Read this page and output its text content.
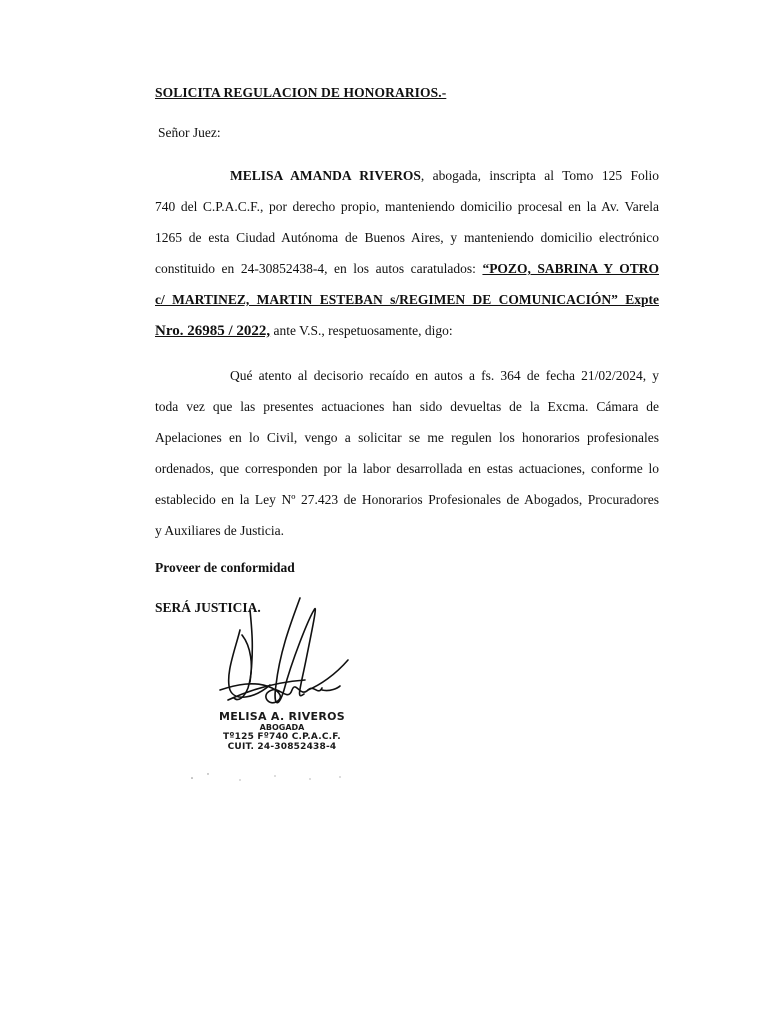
SOLICITA REGULACION DE HONORARIOS.-
Señor Juez:
MELISA AMANDA RIVEROS, abogada, inscripta al Tomo 125 Folio
740 del C.P.A.C.F., por derecho propio, manteniendo domicilio procesal en la Av. Varela
1265 de esta Ciudad Autónoma de Buenos Aires, y manteniendo domicilio electrónico
constituido en 24-30852438-4, en los autos caratulados: “POZO, SABRINA Y OTRO
c/ MARTINEZ, MARTIN ESTEBAN s/REGIMEN DE COMUNICACIÓN” Expte
Nro. 26985 / 2022, ante V.S., respetuosamente, digo:
Qué atento al decisorio recaído en autos a fs. 364 de fecha 21/02/2024, y
toda vez que las presentes actuaciones han sido devueltas de la Excma. Cámara de
Apelaciones en lo Civil, vengo a solicitar se me regulen los honorarios profesionales
ordenados, que corresponden por la labor desarrollada en estas actuaciones, conforme lo
establecido en la Ley Nº 27.423 de Honorarios Profesionales de Abogados, Procuradores
y Auxiliares de Justicia.
Proveer de conformidad
SERÁ JUSTICIA.
MELISA A. RIVEROS
ABOGADA
Tº125 Fº740 C.P.A.C.F.
CUIT. 24-30852438-4
